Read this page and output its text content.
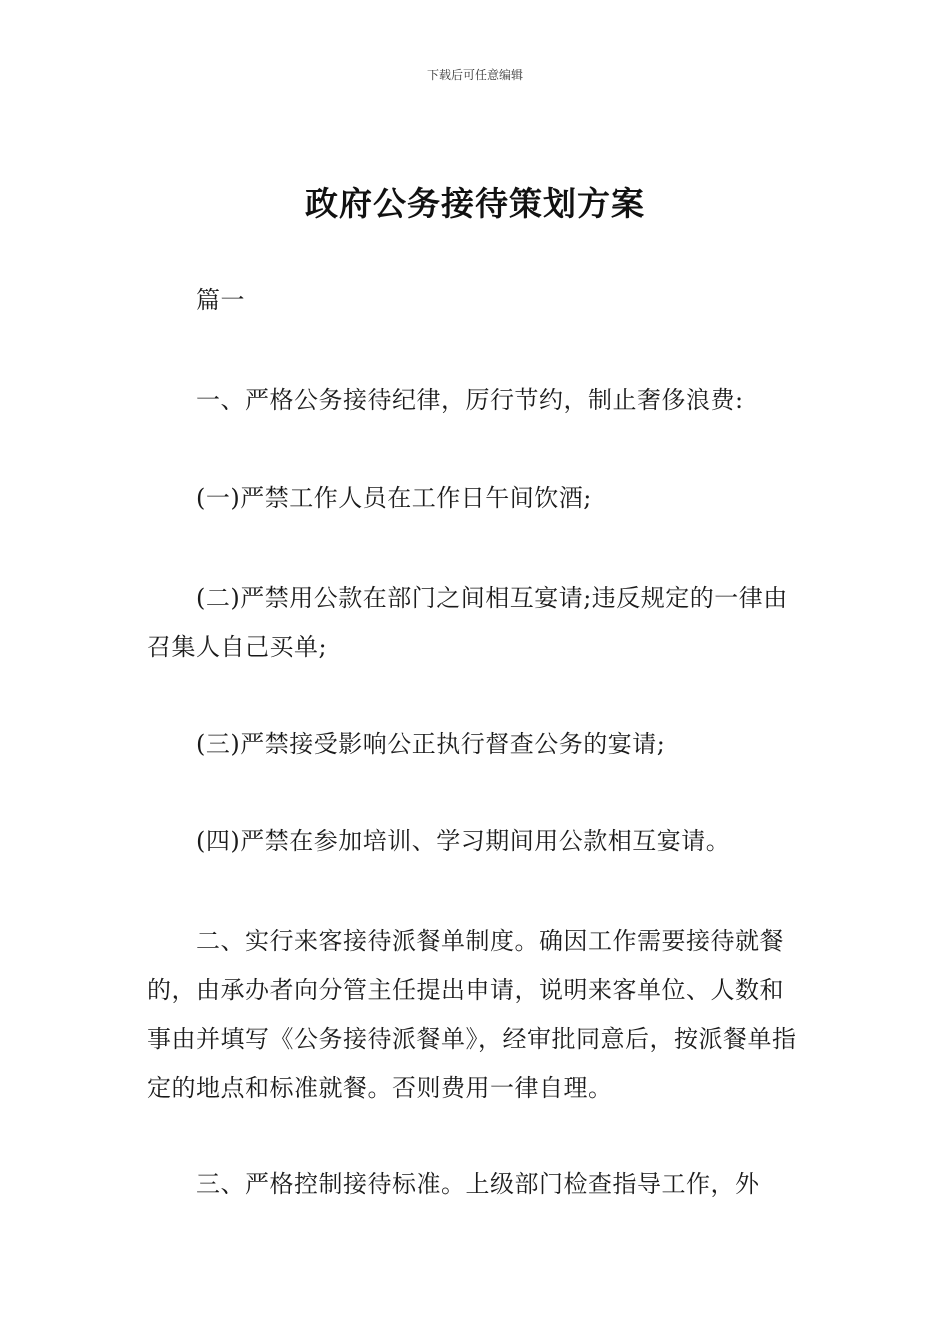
下载后可任意编辑
政府公务接待策划方案

篇一

一、严格公务接待纪律，厉行节约，制止奢侈浪费:

(一)严禁工作人员在工作日午间饮酒;

(二)严禁用公款在部门之间相互宴请;违反规定的一律由召集人自己买单;

(三)严禁接受影响公正执行督查公务的宴请;

(四)严禁在参加培训、学习期间用公款相互宴请。

二、实行来客接待派餐单制度。确因工作需要接待就餐的，由承办者向分管主任提出申请，说明来客单位、人数和事由并填写《公务接待派餐单》，经审批同意后，按派餐单指定的地点和标准就餐。否则费用一律自理。

三、严格控制接待标准。上级部门检查指导工作，外
